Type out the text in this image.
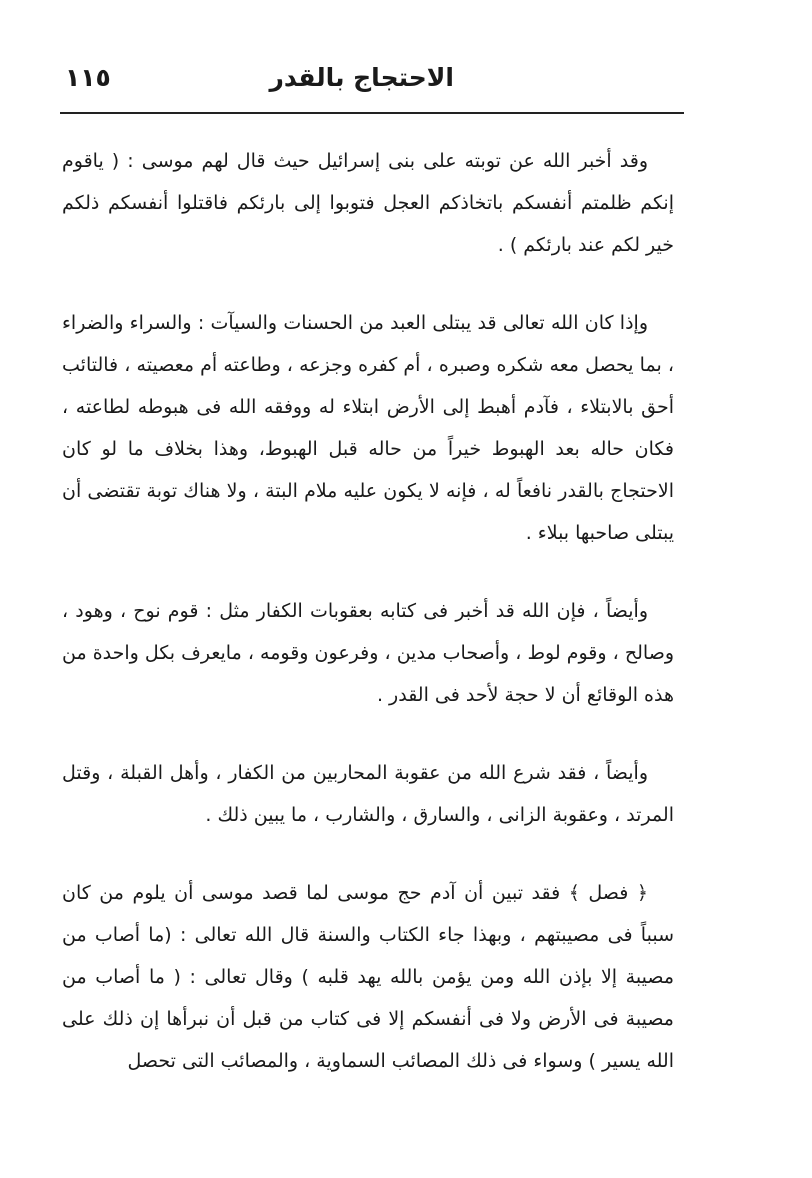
الاحتجاج بالقدر
١١٥

وقد أخبر الله عن توبته على بنى إسرائيل حيث قال لهم موسى : ( ياقوم إنكم ظلمتم أنفسكم باتخاذكم العجل فتوبوا إلى بارئكم فاقتلوا أنفسكم ذلكم خير لكم عند بارئكم ) .

وإذا كان الله تعالى قد يبتلى العبد من الحسنات والسيآت : والسراء والضراء ، بما يحصل معه شكره وصبره ، أم كفره وجزعه ، وطاعته أم معصيته ، فالتائب أحق بالابتلاء ، فآدم أهبط إلى الأرض ابتلاء له ووفقه الله فى هبوطه لطاعته ، فكان حاله بعد الهبوط خيراً من حاله قبل الهبوط، وهذا بخلاف ما لو كان الاحتجاج بالقدر نافعاً له ، فإنه لا يكون عليه ملام البتة ، ولا هناك توبة تقتضى أن يبتلى صاحبها ببلاء .

وأيضاً ، فإن الله قد أخبر فى كتابه بعقوبات الكفار مثل : قوم نوح ، وهود ، وصالح ، وقوم لوط ، وأصحاب مدين ، وفرعون وقومه ، مايعرف بكل واحدة من هذه الوقائع أن لا حجة لأحد فى القدر .

وأيضاً ، فقد شرع الله من عقوبة المحاربين من الكفار ، وأهل القبلة ، وقتل المرتد ، وعقوبة الزانى ، والسارق ، والشارب ، ما يبين ذلك .

﴿ فصل ﴾ فقد تبين أن آدم حج موسى لما قصد موسى أن يلوم من كان سبباً فى مصيبتهم ، وبهذا جاء الكتاب والسنة قال الله تعالى : (ما أصاب من مصيبة إلا بإذن الله ومن يؤمن بالله يهد قلبه ) وقال تعالى : ( ما أصاب من مصيبة فى الأرض ولا فى أنفسكم إلا فى كتاب من قبل أن نبرأها إن ذلك على الله يسير ) وسواء فى ذلك المصائب السماوية ، والمصائب التى تحصل
